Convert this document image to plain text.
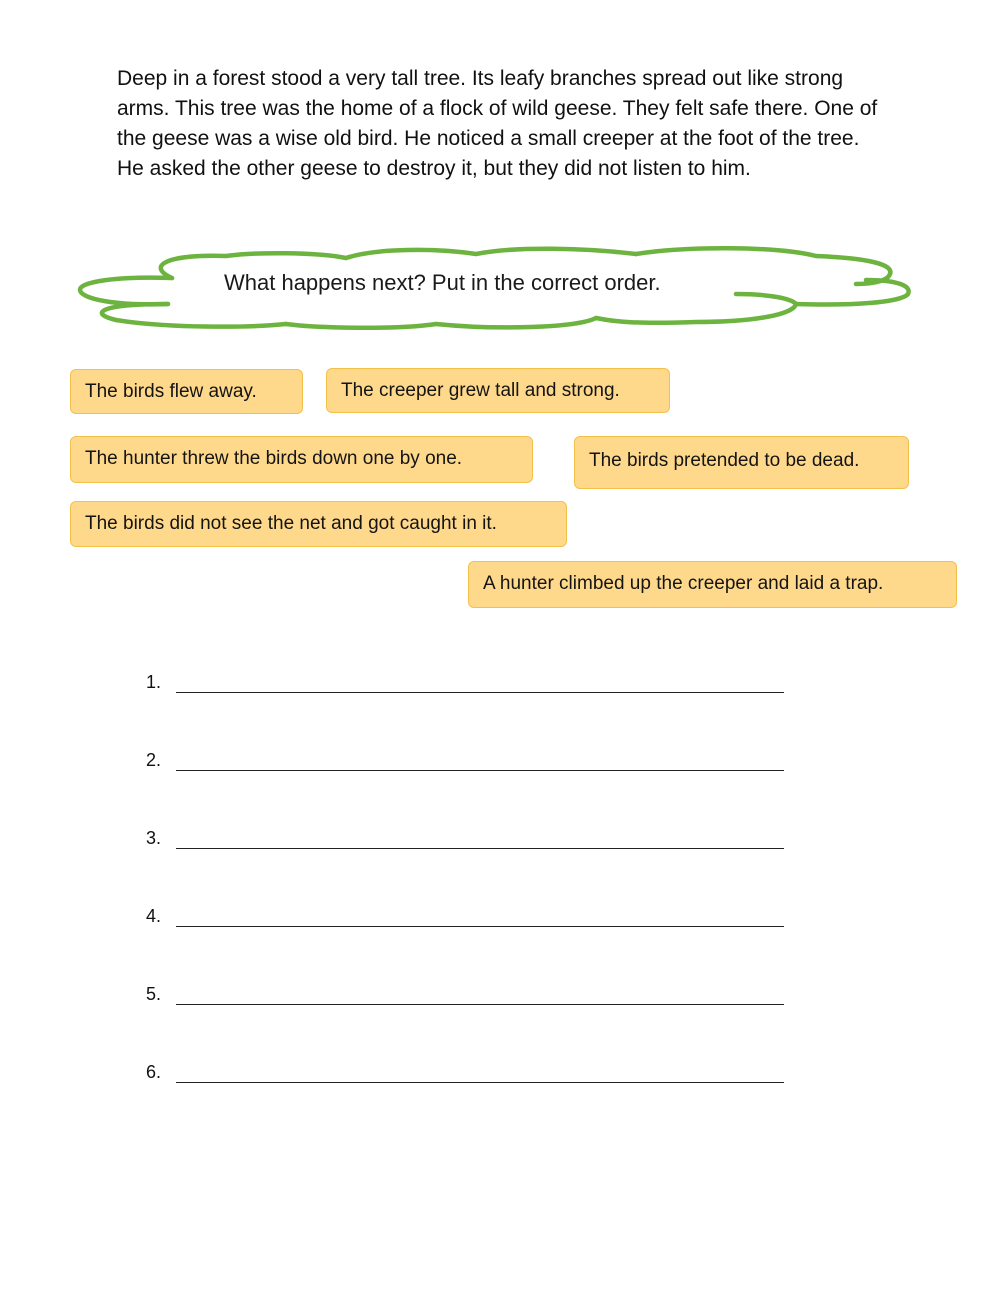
Deep in a forest stood a very tall tree. Its leafy branches spread out like strong arms. This tree was the home of a flock of wild geese. They felt safe there. One of the geese was a wise old bird. He noticed a small creeper at the foot of the tree. He asked the other geese to destroy it, but they did not listen to him.

What happens next? Put in the correct order.
The birds flew away.	The creeper grew tall and strong.
The hunter threw the birds down one by one.	The birds pretended to be dead.
The birds did not see the net and got caught in it.
A hunter climbed up the creeper and laid a trap.
1.
2.
3.
4.
5.
6.
